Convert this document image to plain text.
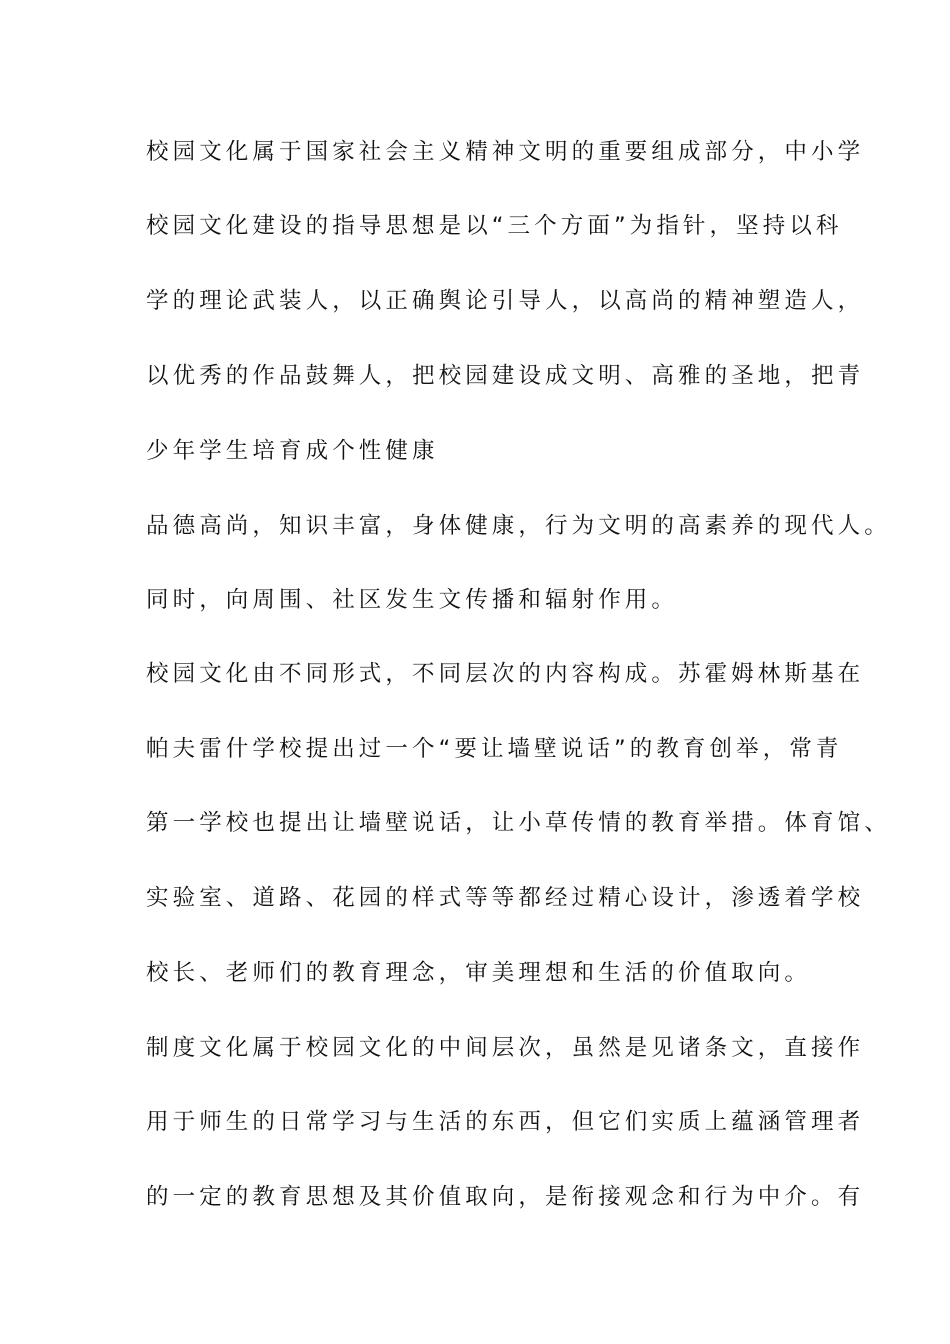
校园文化属于国家社会主义精神文明的重要组成部分，中小学
校园文化建设的指导思想是以“三个方面”为指针，坚持以科
学的理论武装人，以正确舆论引导人，以高尚的精神塑造人，
以优秀的作品鼓舞人，把校园建设成文明、高雅的圣地，把青
少年学生培育成个性健康
品德高尚，知识丰富，身体健康，行为文明的高素养的现代人。
同时，向周围、社区发生文传播和辐射作用。
校园文化由不同形式，不同层次的内容构成。苏霍姆林斯基在
帕夫雷什学校提出过一个“要让墙壁说话”的教育创举，常青
第一学校也提出让墙壁说话，让小草传情的教育举措。体育馆、
实验室、道路、花园的样式等等都经过精心设计，渗透着学校
校长、老师们的教育理念，审美理想和生活的价值取向。
制度文化属于校园文化的中间层次，虽然是见诸条文，直接作
用于师生的日常学习与生活的东西，但它们实质上蕴涵管理者
的一定的教育思想及其价值取向，是衔接观念和行为中介。有
